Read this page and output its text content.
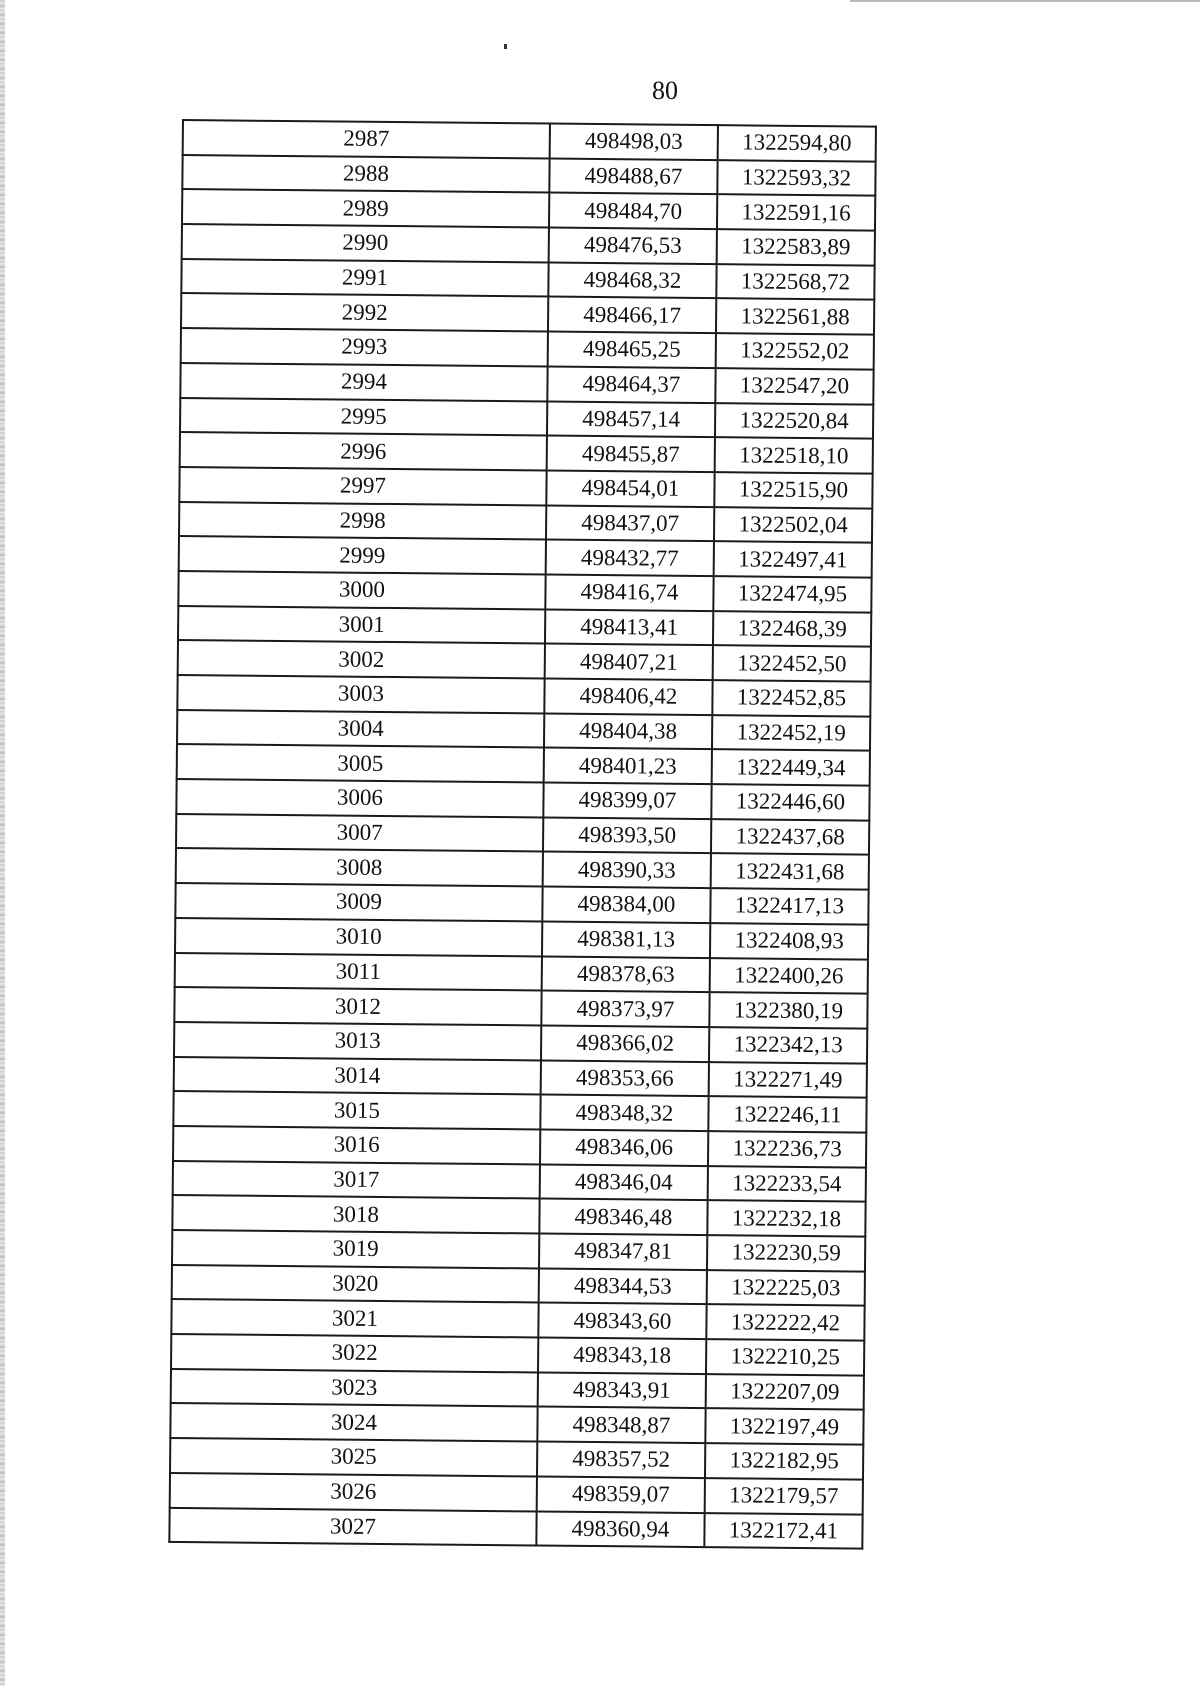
80
2987	498498,03	1322594,80
2988	498488,67	1322593,32
2989	498484,70	1322591,16
2990	498476,53	1322583,89
2991	498468,32	1322568,72
2992	498466,17	1322561,88
2993	498465,25	1322552,02
2994	498464,37	1322547,20
2995	498457,14	1322520,84
2996	498455,87	1322518,10
2997	498454,01	1322515,90
2998	498437,07	1322502,04
2999	498432,77	1322497,41
3000	498416,74	1322474,95
3001	498413,41	1322468,39
3002	498407,21	1322452,50
3003	498406,42	1322452,85
3004	498404,38	1322452,19
3005	498401,23	1322449,34
3006	498399,07	1322446,60
3007	498393,50	1322437,68
3008	498390,33	1322431,68
3009	498384,00	1322417,13
3010	498381,13	1322408,93
3011	498378,63	1322400,26
3012	498373,97	1322380,19
3013	498366,02	1322342,13
3014	498353,66	1322271,49
3015	498348,32	1322246,11
3016	498346,06	1322236,73
3017	498346,04	1322233,54
3018	498346,48	1322232,18
3019	498347,81	1322230,59
3020	498344,53	1322225,03
3021	498343,60	1322222,42
3022	498343,18	1322210,25
3023	498343,91	1322207,09
3024	498348,87	1322197,49
3025	498357,52	1322182,95
3026	498359,07	1322179,57
3027	498360,94	1322172,41
